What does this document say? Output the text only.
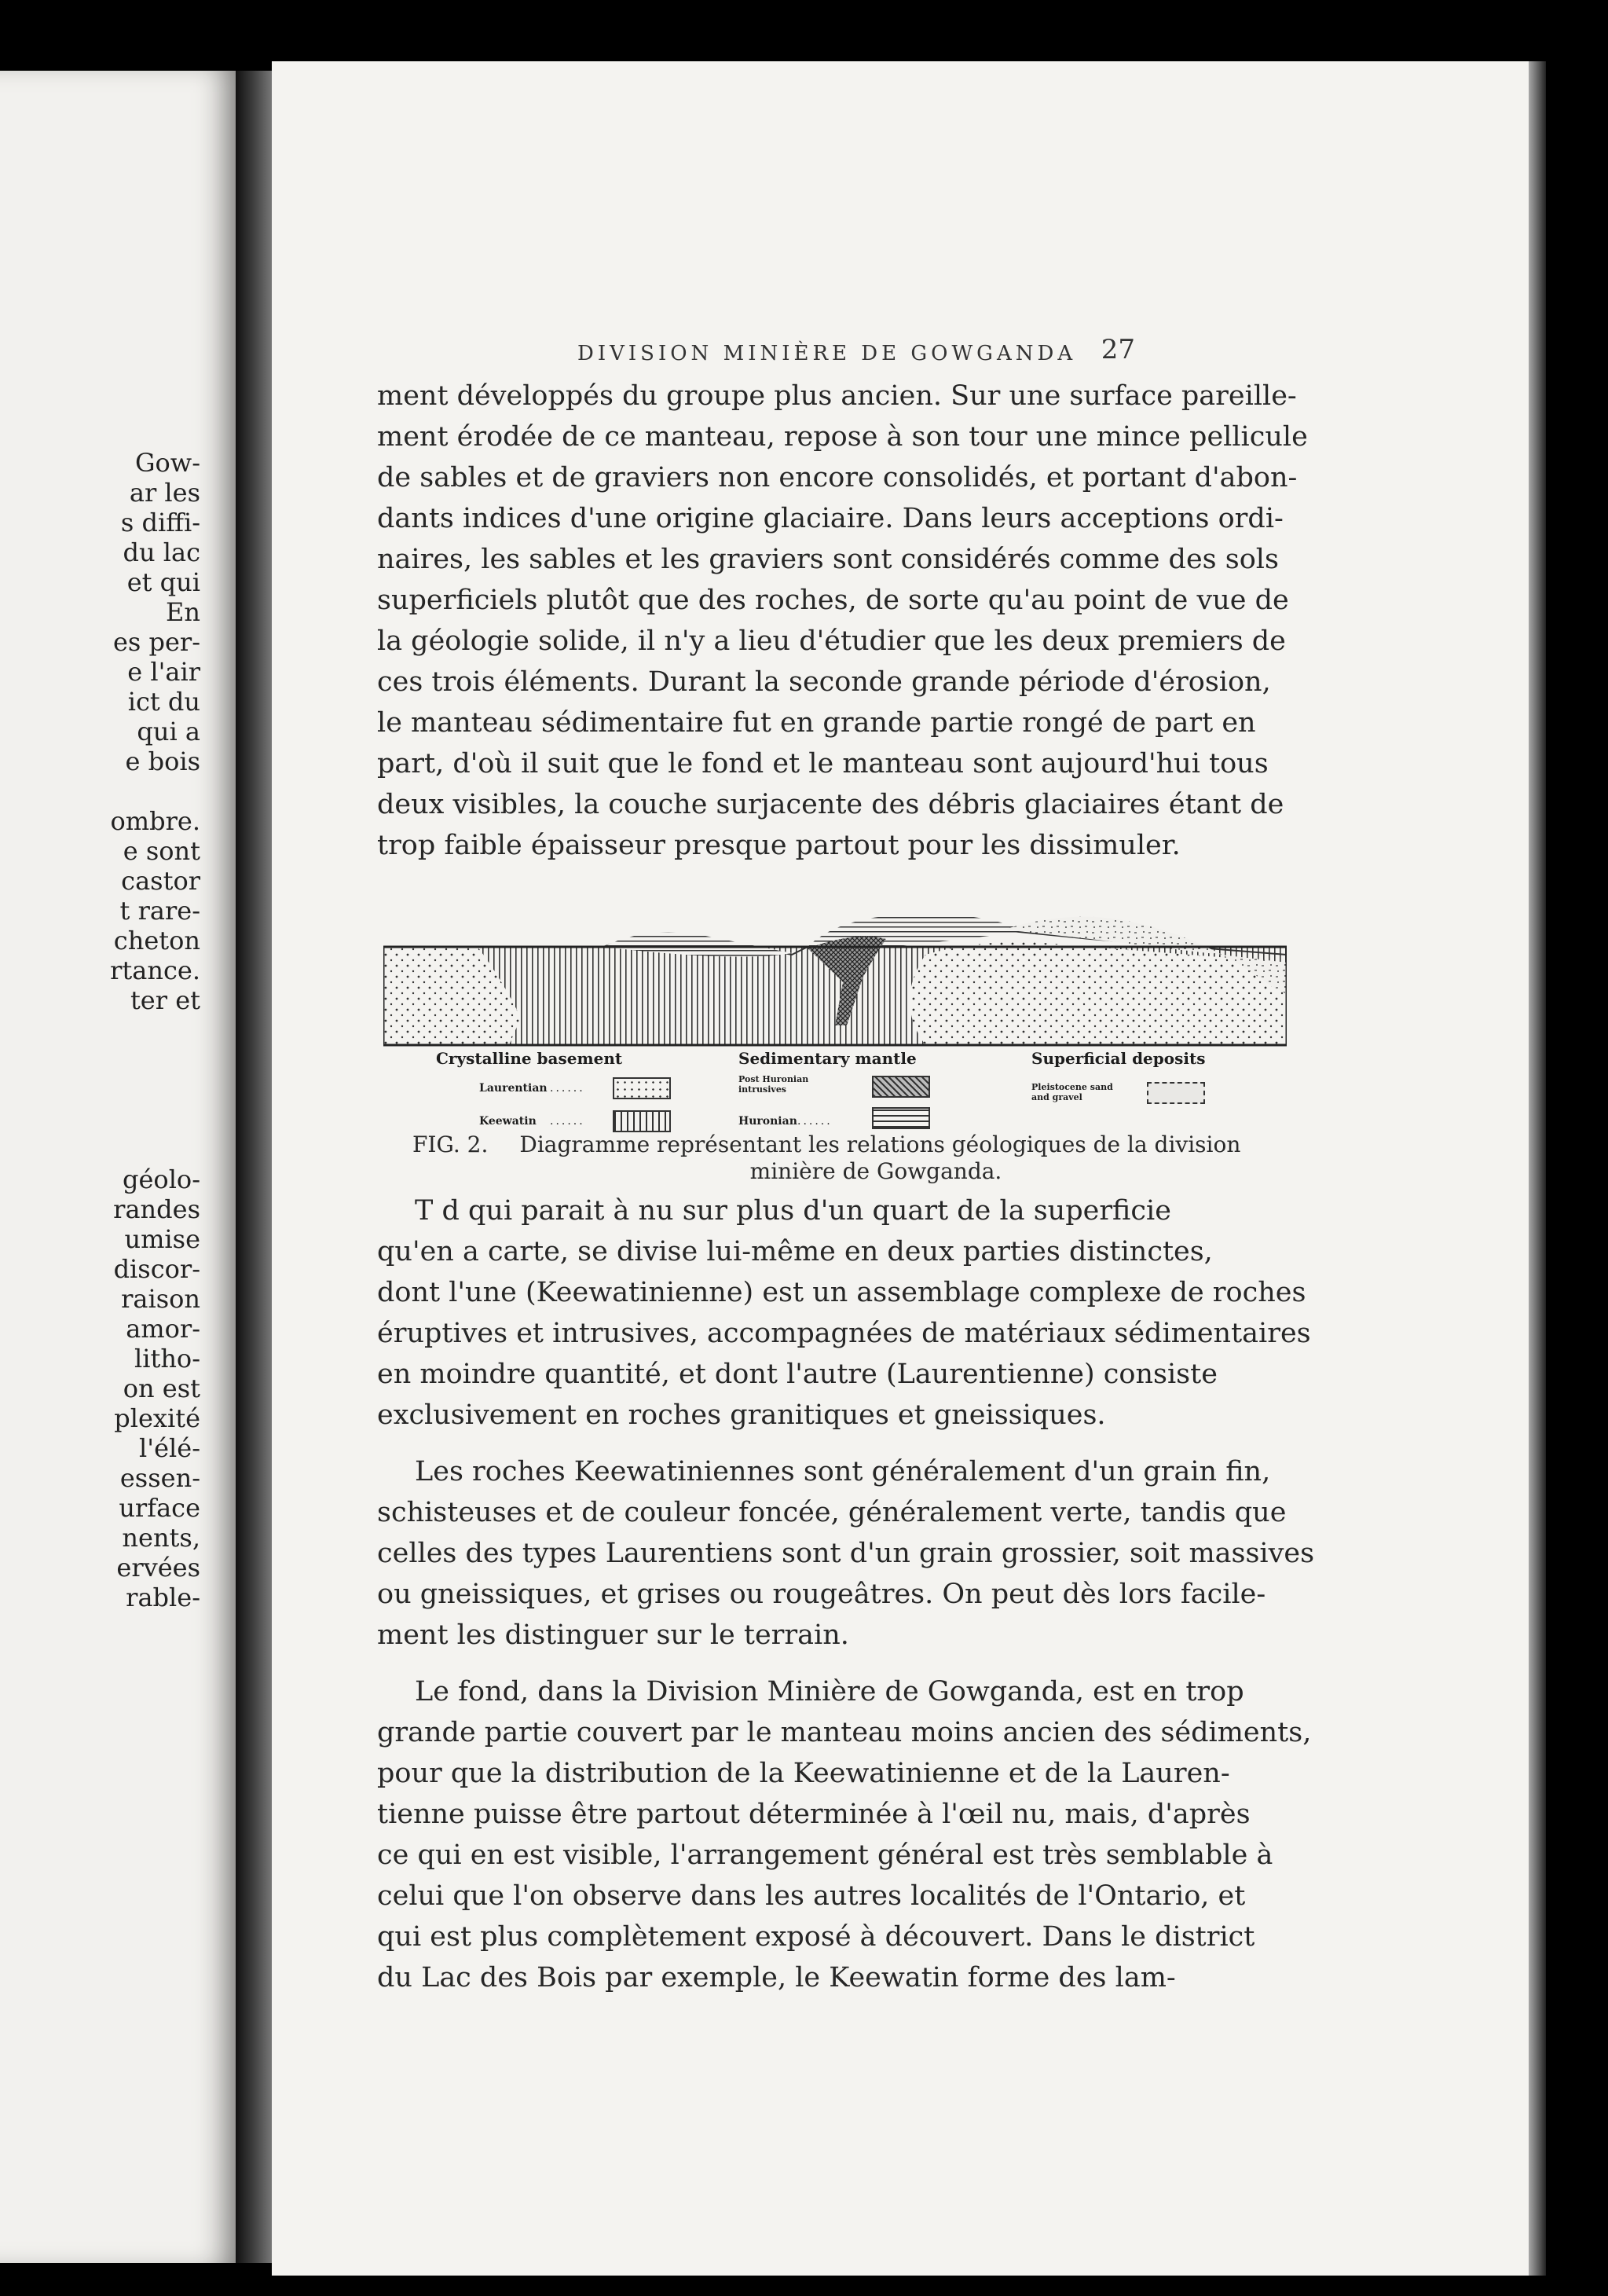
Gow-
ar les
s diffi-
du lac
et qui
En
es per-
e l'air
ict du
qui a
e bois
ombre.
e sont
castor
t rare-
cheton
rtance.
ter et
géolo-
randes
umise
discor-
raison
amor-
litho-
on est
plexité
l'élé-
essen-
urface
nents,
ervées
rable-
DIVISION MINIÈRE DE GOWGANDA 27
ment développés du groupe plus ancien. Sur une surface pareille-
ment érodée de ce manteau, repose à son tour une mince pellicule
de sables et de graviers non encore consolidés, et portant d'abon-
dants indices d'une origine glaciaire. Dans leurs acceptions ordi-
naires, les sables et les graviers sont considérés comme des sols
superficiels plutôt que des roches, de sorte qu'au point de vue de
la géologie solide, il n'y a lieu d'étudier que les deux premiers de
ces trois éléments. Durant la seconde grande période d'érosion,
le manteau sédimentaire fut en grande partie rongé de part en
part, d'où il suit que le fond et le manteau sont aujourd'hui tous
deux visibles, la couche surjacente des débris glaciaires étant de
trop faible épaisseur presque partout pour les dissimuler.
Crystalline basement
Laurentian ......
Keewatin ......
Sedimentary mantle
Post Huronian intrusives
Huronian ......
Superficial deposits
Pleistocene sand and gravel
FIG. 2. Diagramme représentant les relations géologiques de la division
minière de Gowganda.
T d qui parait à nu sur plus d'un quart de la superficie
qu'en a carte, se divise lui-même en deux parties distinctes,
dont l'une (Keewatinienne) est un assemblage complexe de roches
éruptives et intrusives, accompagnées de matériaux sédimentaires
en moindre quantité, et dont l'autre (Laurentienne) consiste
exclusivement en roches granitiques et gneissiques.
Les roches Keewatiniennes sont généralement d'un grain fin,
schisteuses et de couleur foncée, généralement verte, tandis que
celles des types Laurentiens sont d'un grain grossier, soit massives
ou gneissiques, et grises ou rougeâtres. On peut dès lors facile-
ment les distinguer sur le terrain.
Le fond, dans la Division Minière de Gowganda, est en trop
grande partie couvert par le manteau moins ancien des sédiments,
pour que la distribution de la Keewatinienne et de la Lauren-
tienne puisse être partout déterminée à l'œil nu, mais, d'après
ce qui en est visible, l'arrangement général est très semblable à
celui que l'on observe dans les autres localités de l'Ontario, et
qui est plus complètement exposé à découvert. Dans le district
du Lac des Bois par exemple, le Keewatin forme des lam-
